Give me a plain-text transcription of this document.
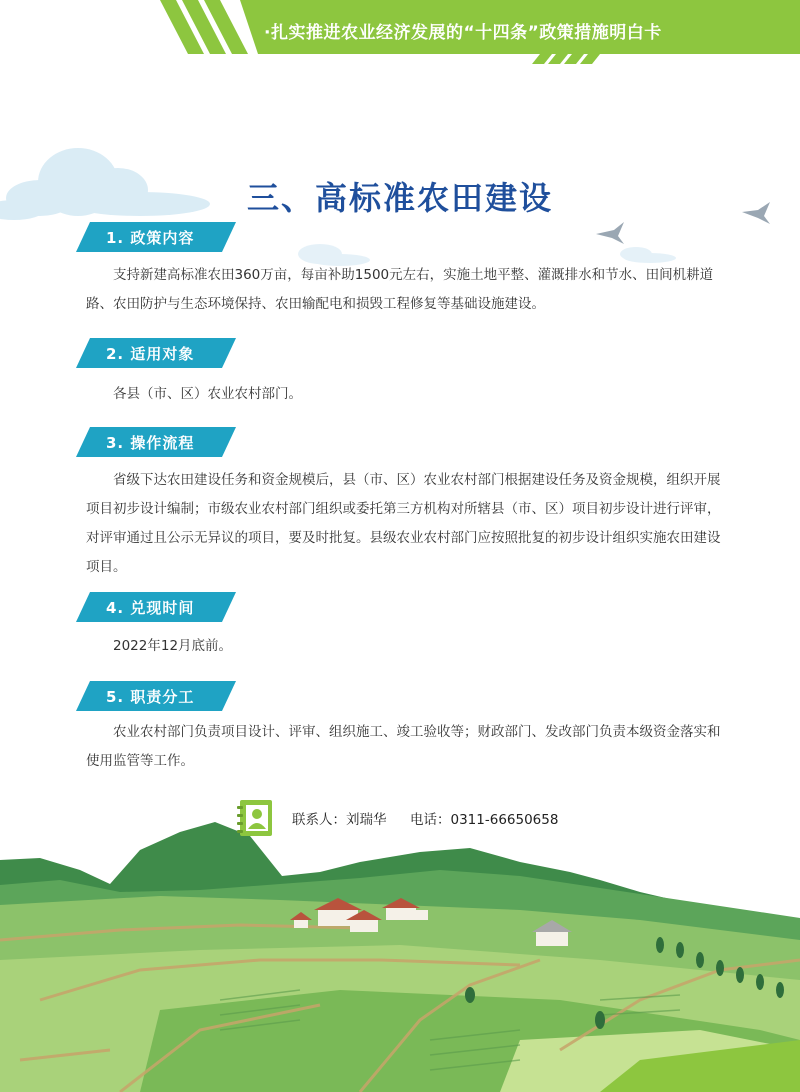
·扎实推进农业经济发展的“十四条”政策措施明白卡
三、高标准农田建设
1. 政策内容

支持新建高标准农田360万亩，每亩补助1500元左右，实施土地平整、灌溉排水和节水、田间机耕道路、农田防护与生态环境保持、农田输配电和损毁工程修复等基础设施建设。

2. 适用对象

各县（市、区）农业农村部门。

3. 操作流程

省级下达农田建设任务和资金规模后，县（市、区）农业农村部门根据建设任务及资金规模，组织开展项目初步设计编制；市级农业农村部门组织或委托第三方机构对所辖县（市、区）项目初步设计进行评审，对评审通过且公示无异议的项目，要及时批复。县级农业农村部门应按照批复的初步设计组织实施农田建设项目。

4. 兑现时间

2022年12月底前。

5. 职责分工

农业农村部门负责项目设计、评审、组织施工、竣工验收等；财政部门、发改部门负责本级资金落实和使用监管等工作。

联系人：刘瑞华 电话：0311-66650658
